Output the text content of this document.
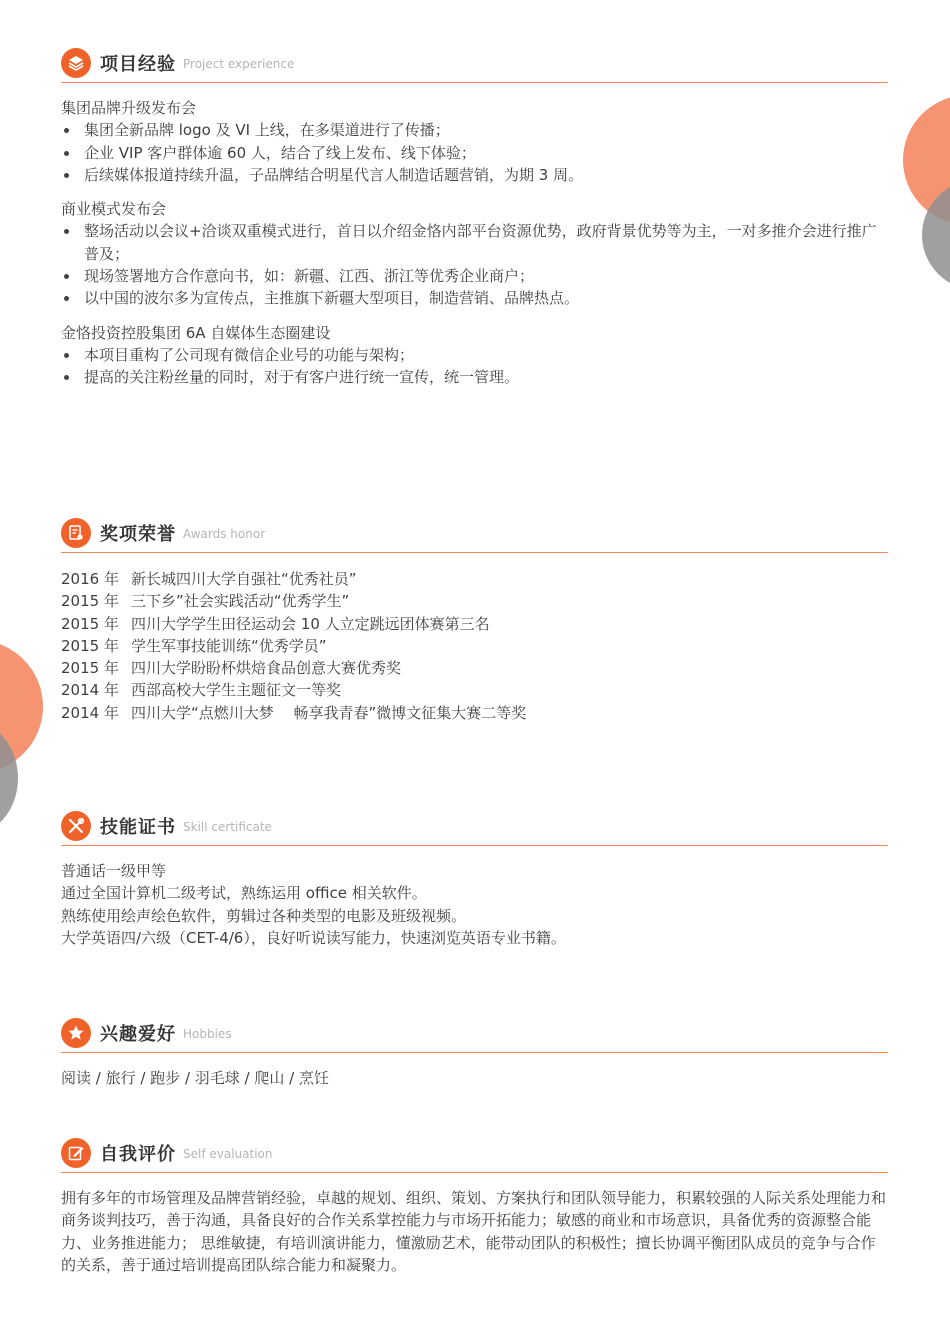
项目经验 Project experience

集团品牌升级发布会

集团全新品牌 logo 及 VI 上线，在多渠道进行了传播；
企业 VIP 客户群体逾 60 人，结合了线上发布、线下体验；
后续媒体报道持续升温，子品牌结合明星代言人制造话题营销，为期 3 周。

商业模式发布会

整场活动以会议+洽谈双重模式进行，首日以介绍金恪内部平台资源优势，政府背景优势等为主，一对多推介会进行推广普及；
现场签署地方合作意向书，如：新疆、江西、浙江等优秀企业商户；
以中国的波尔多为宣传点，主推旗下新疆大型项目，制造营销、品牌热点。

金恪投资控股集团 6A 自媒体生态圈建设

本项目重构了公司现有微信企业号的功能与架构；
提高的关注粉丝量的同时，对于有客户进行统一宣传，统一管理。
奖项荣誉 Awards honor
2016 年 新长城四川大学自强社“优秀社员”
2015 年 三下乡”社会实践活动“优秀学生”
2015 年 四川大学学生田径运动会 10 人立定跳远团体赛第三名
2015 年 学生军事技能训练“优秀学员”
2015 年 四川大学盼盼杯烘焙食品创意大赛优秀奖
2014 年 西部高校大学生主题征文一等奖
2014 年 四川大学“点燃川大梦　 畅享我青春”微博文征集大赛二等奖
技能证书 Skill certificate

普通话一级甲等

通过全国计算机二级考试，熟练运用 office 相关软件。

熟练使用绘声绘色软件，剪辑过各种类型的电影及班级视频。

大学英语四/六级（CET-4/6），良好听说读写能力，快速浏览英语专业书籍。

兴趣爱好 Hobbies
阅读 / 旅行 / 跑步 / 羽毛球 / 爬山 / 烹饪
自我评价 Self evaluation
拥有多年的市场管理及品牌营销经验，卓越的规划、组织、策划、方案执行和团队领导能力，积累较强的人际关系处理能力和商务谈判技巧，善于沟通，具备良好的合作关系掌控能力与市场开拓能力；敏感的商业和市场意识，具备优秀的资源整合能力、业务推进能力； 思维敏捷，有培训演讲能力，懂激励艺术，能带动团队的积极性；擅长协调平衡团队成员的竞争与合作的关系，善于通过培训提高团队综合能力和凝聚力。
